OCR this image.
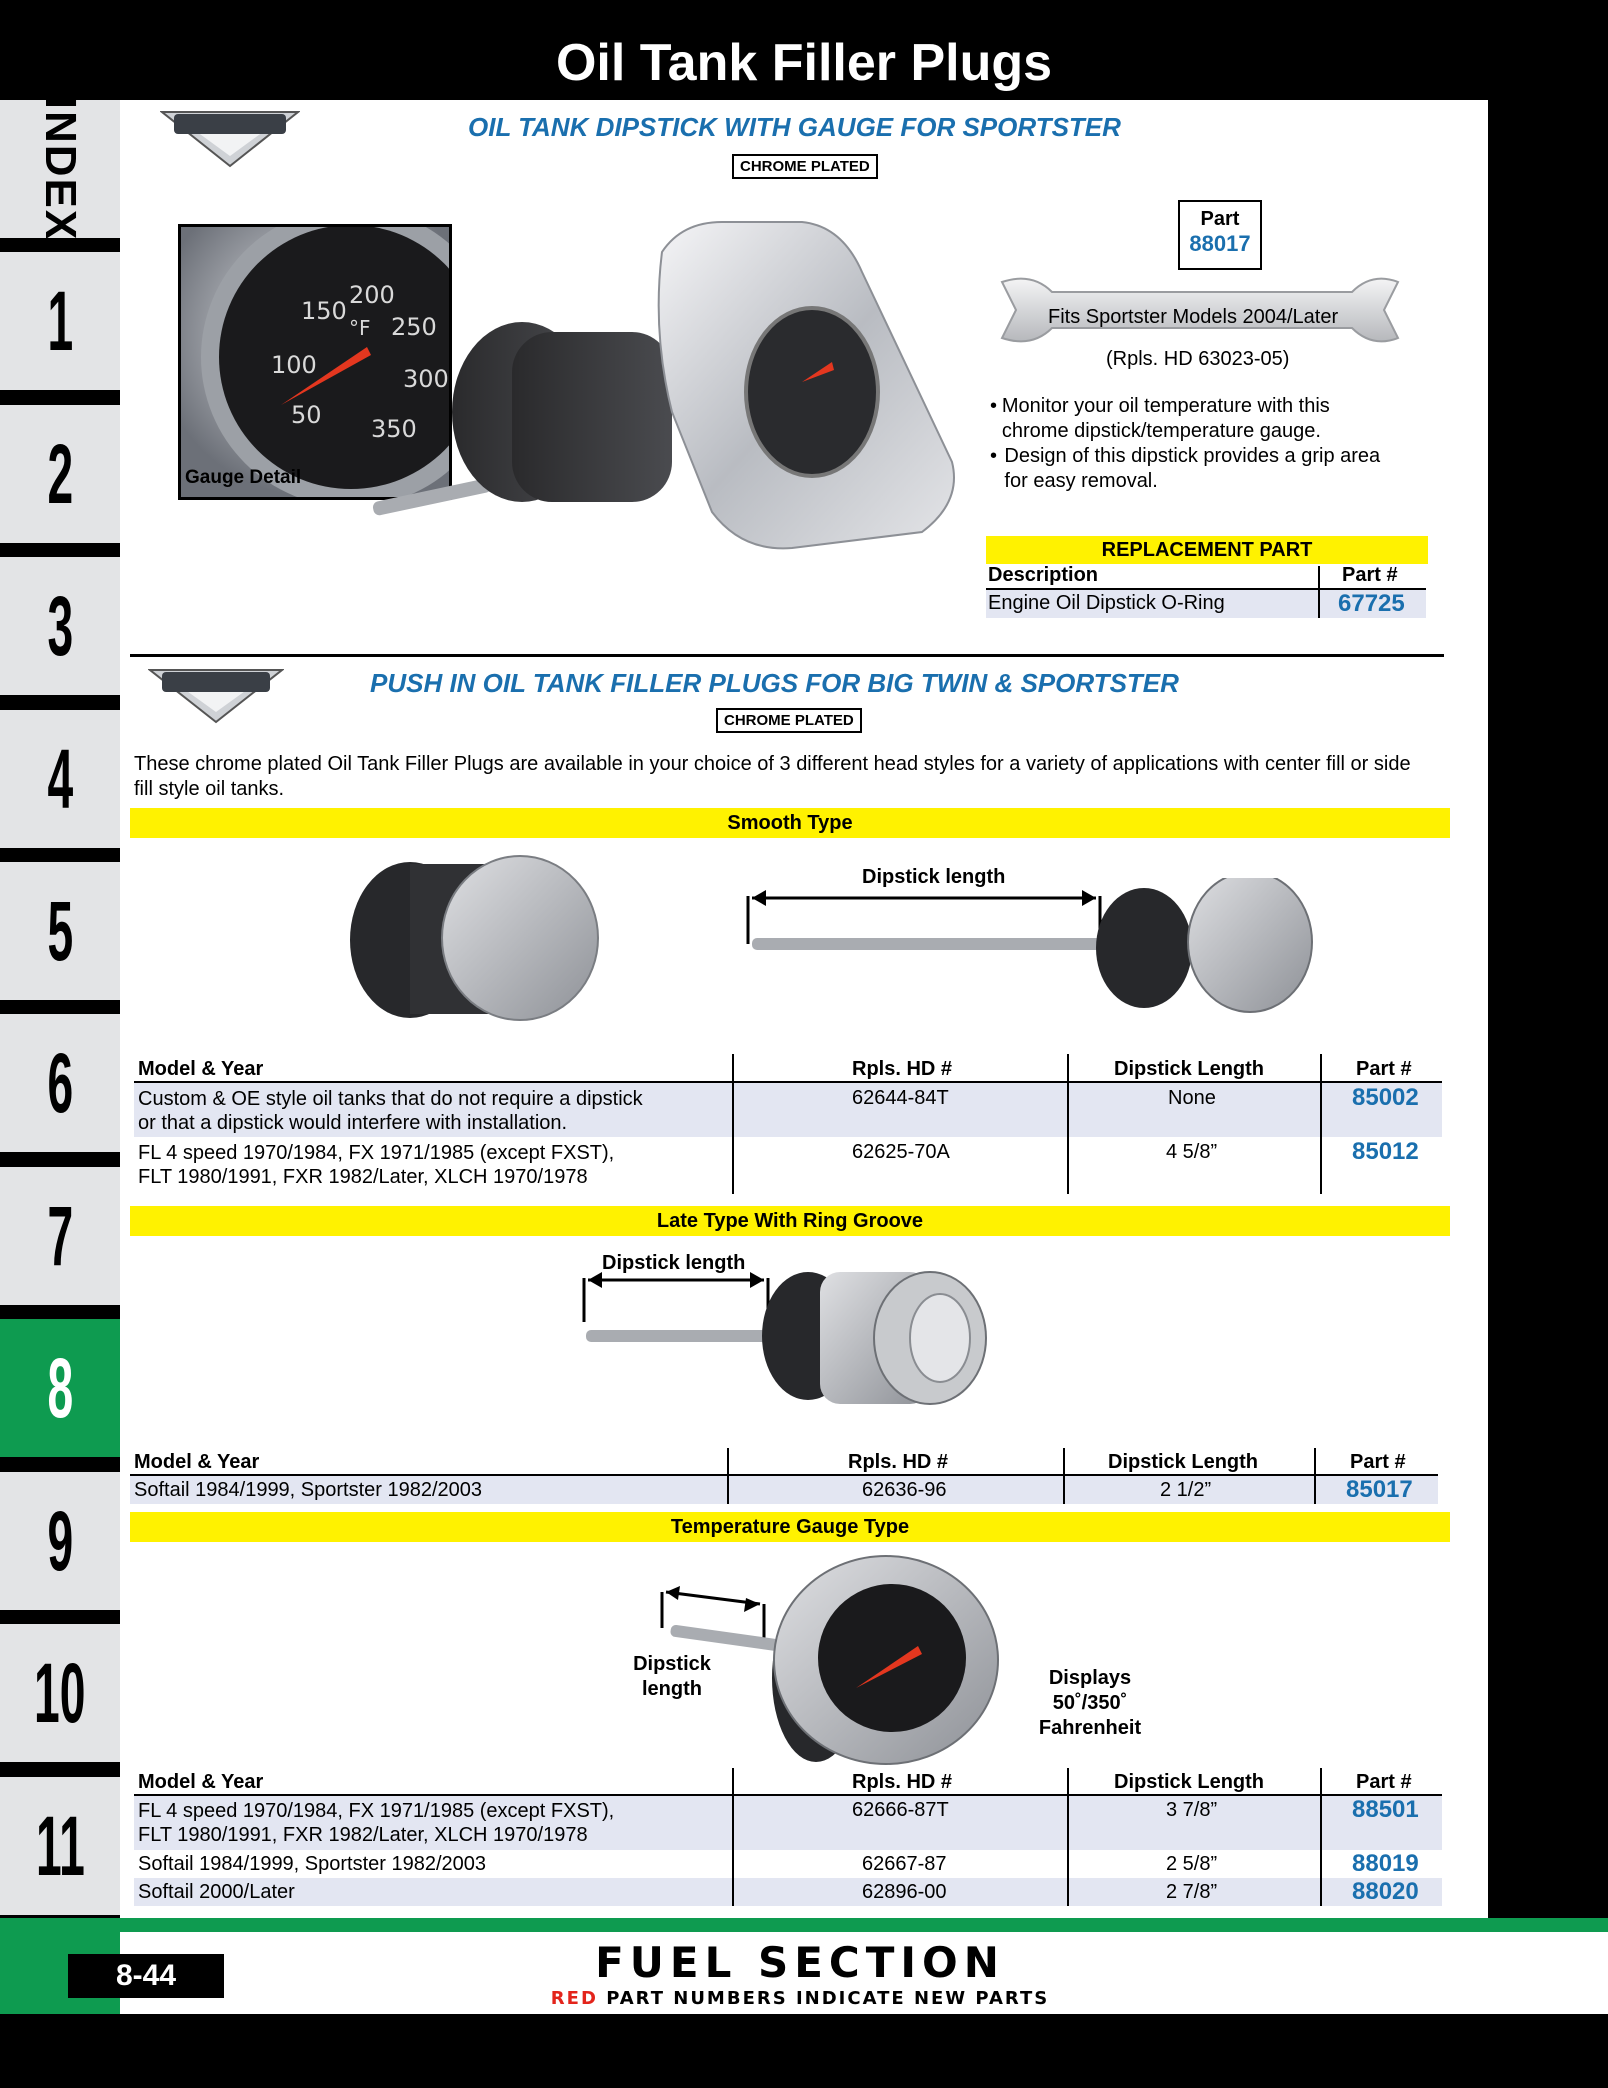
Oil Tank Filler Plugs
INDEX
1
2
3
4
5
6
7
8
9
10
11
OIL TANK DIPSTICK WITH GAUGE FOR SPORTSTER
CHROME PLATED
150
200
°F 250
100	300
50 350
Gauge Detail
Part
88017
Fits Sportster Models 2004/Later
(Rpls. HD 63023-05)
• Monitor your oil temperature with this chrome dipstick/temperature gauge.
• Design of this dipstick provides a grip area for easy removal.
REPLACEMENT PART
Description	Part #
Engine Oil Dipstick O-Ring	67725
PUSH IN OIL TANK FILLER PLUGS FOR BIG TWIN & SPORTSTER
CHROME PLATED
These chrome plated Oil Tank Filler Plugs are available in your choice of 3 different head styles for a variety of applications with center fill or side fill style oil tanks.
Smooth Type
Dipstick length
Model & Year	Rpls. HD #	Dipstick Length	Part #
Custom & OE style oil tanks that do not require a dipstick
or that a dipstick would interfere with installation.
62644-84T	None	85002
FL 4 speed 1970/1984, FX 1971/1985 (except FXST),
FLT 1980/1991, FXR 1982/Later, XLCH 1970/1978
62625-70A	4 5/8”	85012
Late Type With Ring Groove
Dipstick length
Model & Year	Rpls. HD #	Dipstick Length	Part #
Softail 1984/1999, Sportster 1982/2003	62636-96	2 1/2”	85017
Temperature Gauge Type
Dipstick
length	Displays
50˚/350˚
Fahrenheit
Model & Year	Rpls. HD #	Dipstick Length	Part #
FL 4 speed 1970/1984, FX 1971/1985 (except FXST),
FLT 1980/1991, FXR 1982/Later, XLCH 1970/1978
62666-87T	3 7/8”	88501
Softail 1984/1999, Sportster 1982/2003	62667-87	2 5/8”	88019
Softail 2000/Later	62896-00	2 7/8”	88020
8-44	FUEL SECTION
RED PART NUMBERS INDICATE NEW PARTS
